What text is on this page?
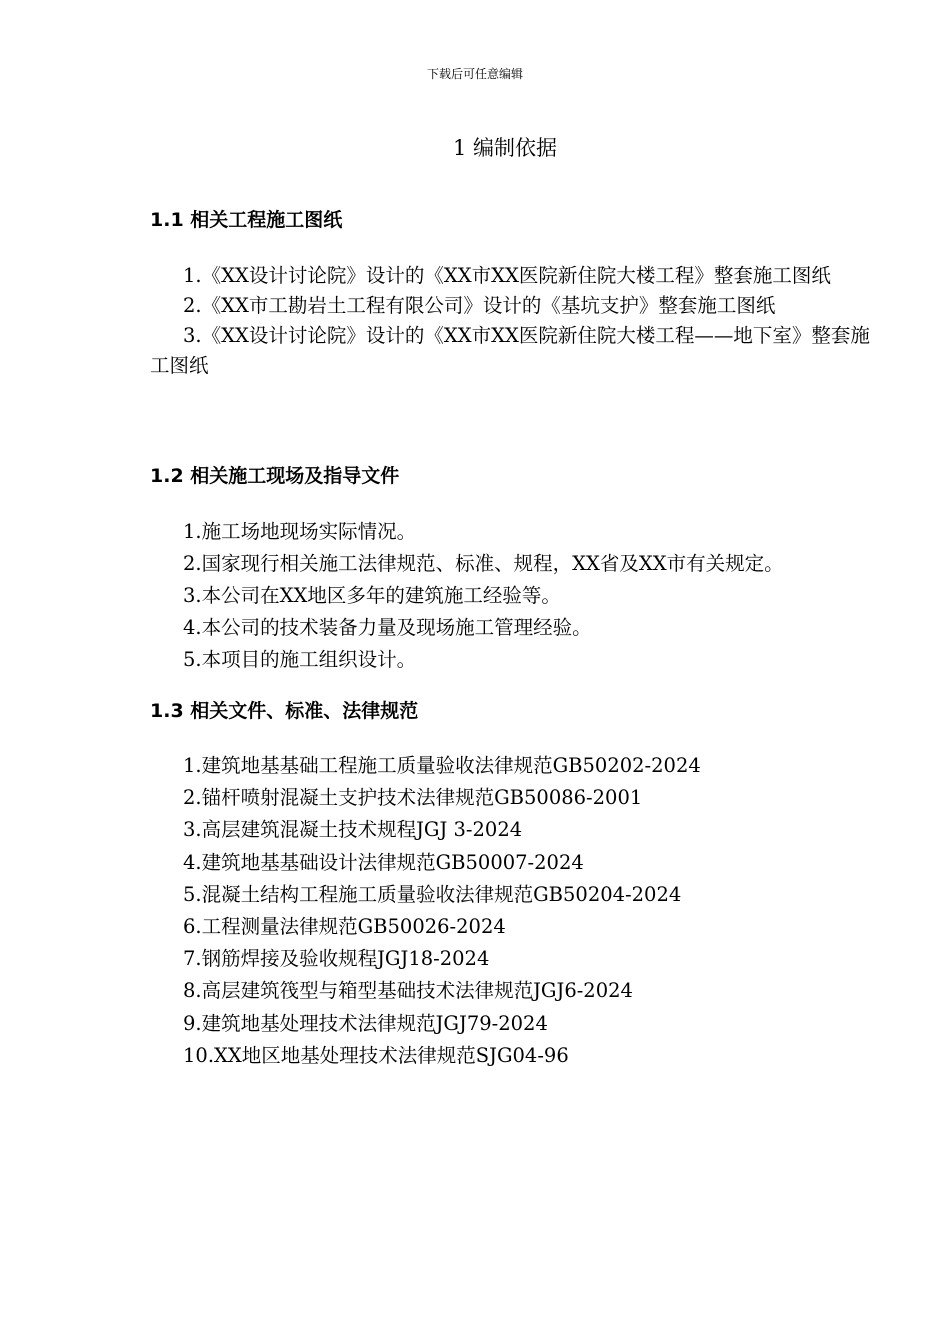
下载后可任意编辑
1 编制依据
1.1 相关工程施工图纸
1.《XX设计讨论院》设计的《XX市XX医院新住院大楼工程》整套施工图纸
2.《XX市工勘岩土工程有限公司》设计的《基坑支护》整套施工图纸
3.《XX设计讨论院》设计的《XX市XX医院新住院大楼工程——地下室》整套施工图纸
1.2 相关施工现场及指导文件
1.施工场地现场实际情况。
2.国家现行相关施工法律规范、标准、规程，XX省及XX市有关规定。
3.本公司在XX地区多年的建筑施工经验等。
4.本公司的技术装备力量及现场施工管理经验。
5.本项目的施工组织设计。
1.3 相关文件、标准、法律规范
1.建筑地基基础工程施工质量验收法律规范GB50202-2024
2.锚杆喷射混凝土支护技术法律规范GB50086-2001
3.高层建筑混凝土技术规程JGJ 3-2024
4.建筑地基基础设计法律规范GB50007-2024
5.混凝土结构工程施工质量验收法律规范GB50204-2024
6.工程测量法律规范GB50026-2024
7.钢筋焊接及验收规程JGJ18-2024
8.高层建筑筏型与箱型基础技术法律规范JGJ6-2024
9.建筑地基处理技术法律规范JGJ79-2024
10.XX地区地基处理技术法律规范SJG04-96
